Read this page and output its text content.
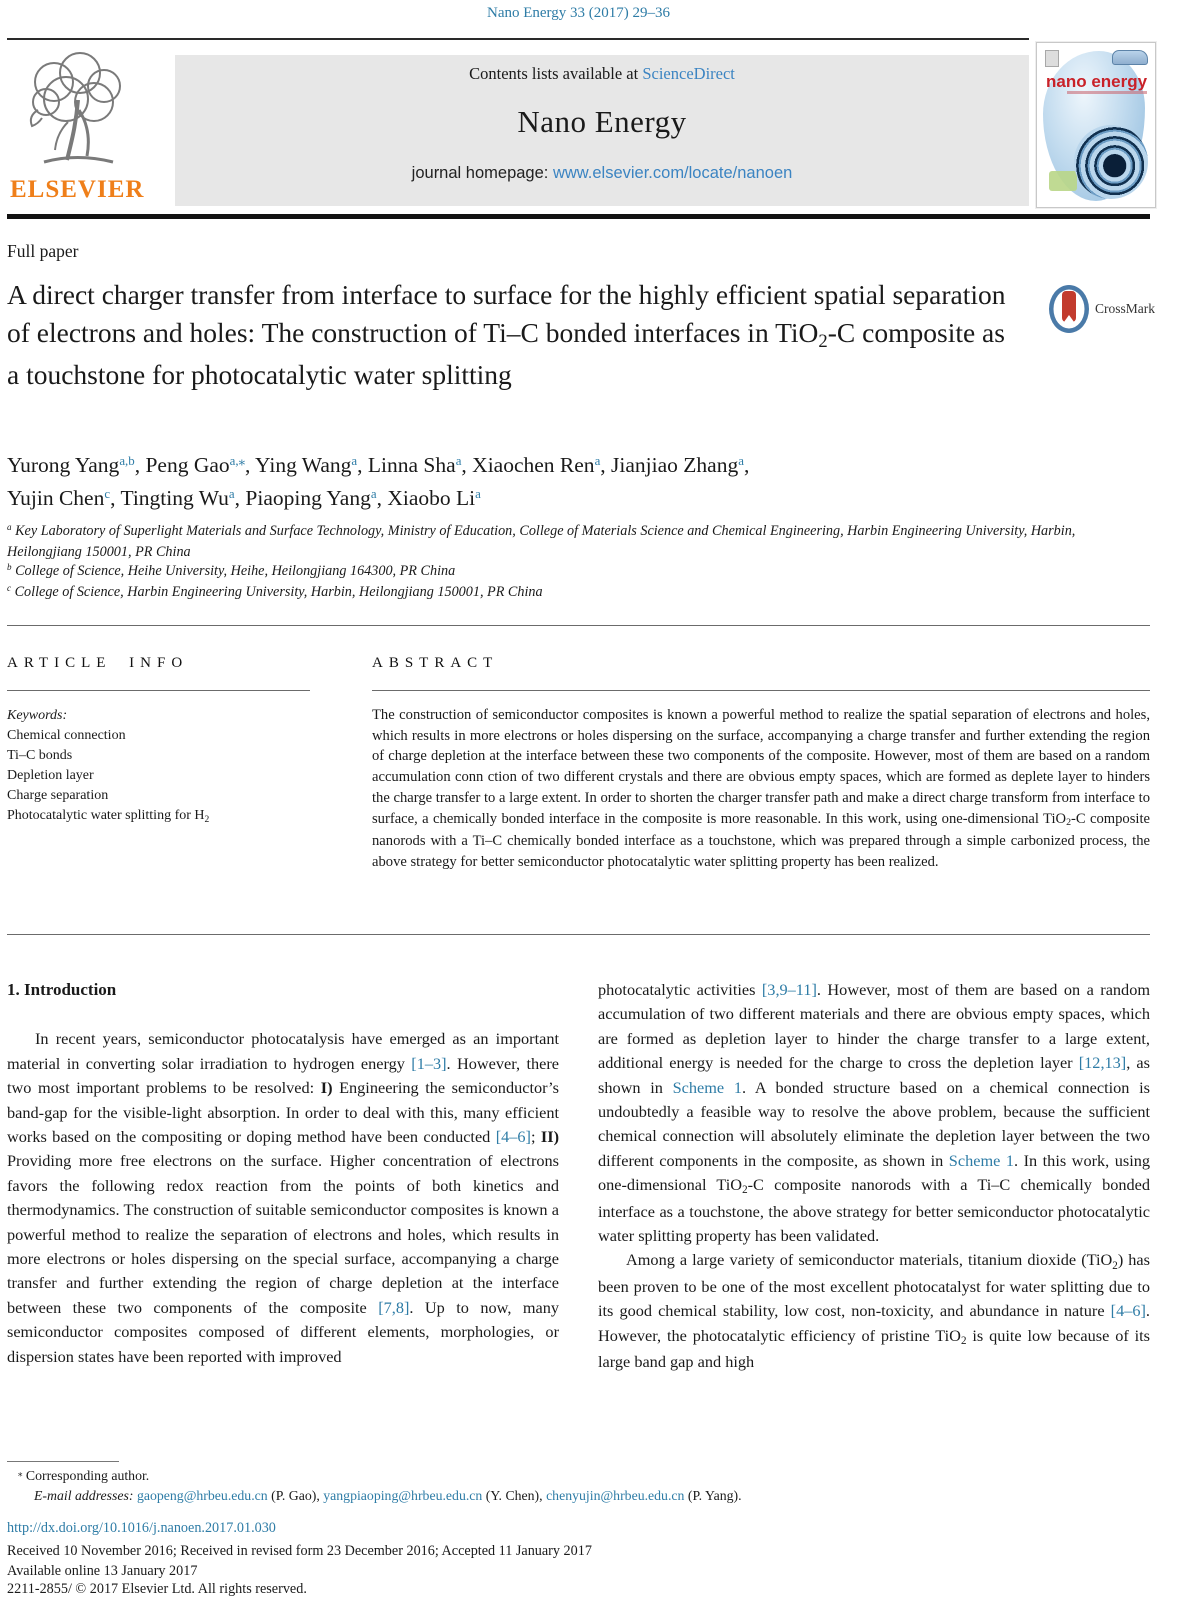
Nano Energy 33 (2017) 29–36
ELSEVIER
Contents lists available at ScienceDirect
Nano Energy
journal homepage: www.elsevier.com/locate/nanoen
nano energy
Full paper
A direct charger transfer from interface to surface for the highly efficient spatial separation of electrons and holes: The construction of Ti–C bonded interfaces in TiO2-C composite as a touchstone for photocatalytic water splitting
CrossMark
Yurong Yang$^{a,b}$, Peng Gao$^{a,⁎}$, Ying Wang$^a$, Linna Sha$^a$, Xiaochen Ren$^a$, Jianjiao Zhang$^a$,
Yujin Chen$^c$, Tingting Wu$^a$, Piaoping Yang$^a$, Xiaobo Li$^a$

$^a$ Key Laboratory of Superlight Materials and Surface Technology, Ministry of Education, College of Materials Science and Chemical Engineering, Harbin Engineering University, Harbin, Heilongjiang 150001, PR China

$^b$ College of Science, Heihe University, Heihe, Heilongjiang 164300, PR China

$^c$ College of Science, Harbin Engineering University, Harbin, Heilongjiang 150001, PR China

ARTICLE INFO
Keywords:
Chemical connection
Ti–C bonds
Depletion layer
Charge separation
Photocatalytic water splitting for H2
ABSTRACT
The construction of semiconductor composites is known a powerful method to realize the spatial separation of electrons and holes, which results in more electrons or holes dispersing on the surface, accompanying a charge transfer and further extending the region of charge depletion at the interface between these two components of the composite. However, most of them are based on a random accumulation conn ction of two different crystals and there are obvious empty spaces, which are formed as deplete layer to hinders the charge transfer to a large extent. In order to shorten the charger transfer path and make a direct charge transform from interface to surface, a chemically bonded interface in the composite is more reasonable. In this work, using one-dimensional TiO2-C composite nanorods with a Ti–C chemically bonded interface as a touchstone, which was prepared through a simple carbonized process, the above strategy for better semiconductor photocatalytic water splitting property has been realized.
1. Introduction

In recent years, semiconductor photocatalysis have emerged as an important material in converting solar irradiation to hydrogen energy [1–3]. However, there two most important problems to be resolved: I) Engineering the semiconductor’s band-gap for the visible-light absorption. In order to deal with this, many efficient works based on the compositing or doping method have been conducted [4–6]; II) Providing more free electrons on the surface. Higher concentration of electrons favors the following redox reaction from the points of both kinetics and thermodynamics. The construction of suitable semiconductor composites is known a powerful method to realize the separation of electrons and holes, which results in more electrons or holes dispersing on the special surface, accompanying a charge transfer and further extending the region of charge depletion at the interface between these two components of the composite [7,8]. Up to now, many semiconductor composites composed of different elements, morphologies, or dispersion states have been reported with improved

photocatalytic activities [3,9–11]. However, most of them are based on a random accumulation of two different materials and there are obvious empty spaces, which are formed as depletion layer to hinder the charge transfer to a large extent, additional energy is needed for the charge to cross the depletion layer [12,13], as shown in Scheme 1. A bonded structure based on a chemical connection is undoubtedly a feasible way to resolve the above problem, because the sufficient chemical connection will absolutely eliminate the depletion layer between the two different components in the composite, as shown in Scheme 1. In this work, using one-dimensional TiO2-C composite nanorods with a Ti–C chemically bonded interface as a touchstone, the above strategy for better semiconductor photocatalytic water splitting property has been validated.

Among a large variety of semiconductor materials, titanium dioxide (TiO2) has been proven to be one of the most excellent photocatalyst for water splitting due to its good chemical stability, low cost, non-toxicity, and abundance in nature [4–6]. However, the photocatalytic efficiency of pristine TiO2 is quite low because of its large band gap and high

⁎ Corresponding author.
E-mail addresses: gaopeng@hrbeu.edu.cn (P. Gao), yangpiaoping@hrbeu.edu.cn (Y. Chen), chenyujin@hrbeu.edu.cn (P. Yang).
http://dx.doi.org/10.1016/j.nanoen.2017.01.030
Received 10 November 2016; Received in revised form 23 December 2016; Accepted 11 January 2017
Available online 13 January 2017
2211-2855/ © 2017 Elsevier Ltd. All rights reserved.
